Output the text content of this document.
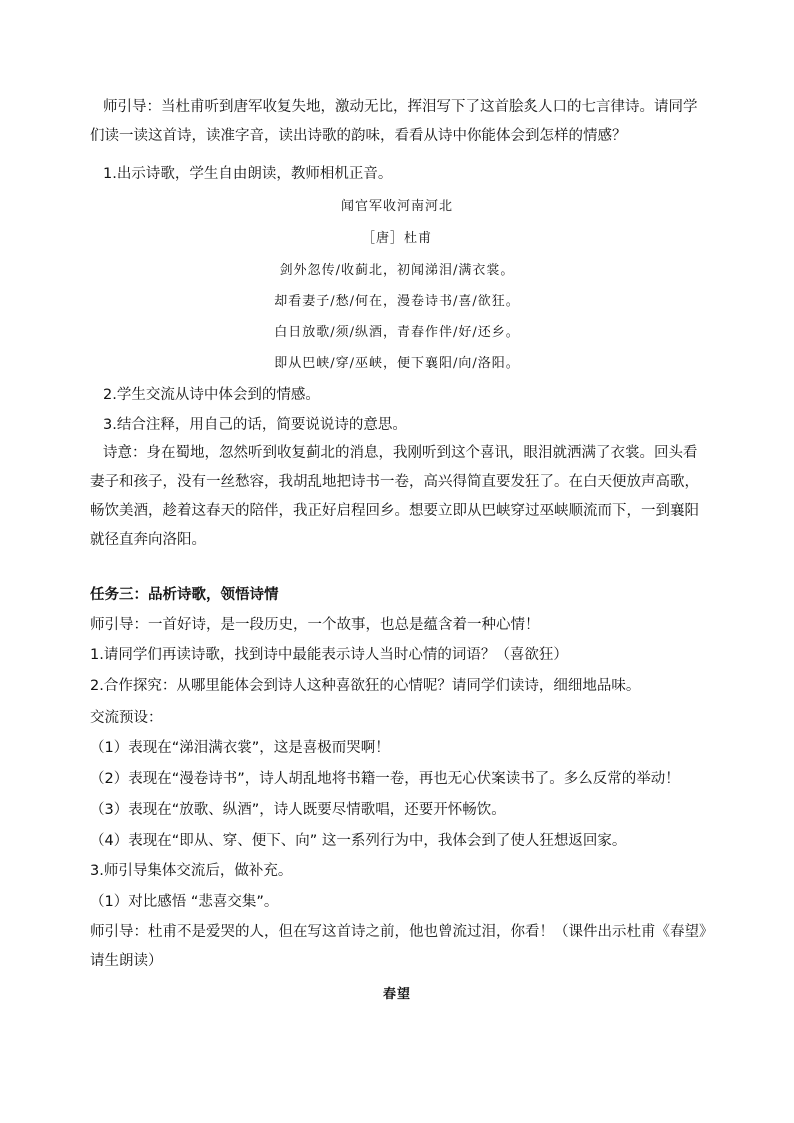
师引导：当杜甫听到唐军收复失地，激动无比，挥泪写下了这首脍炙人口的七言律诗。请同学们读一读这首诗，读准字音，读出诗歌的韵味，看看从诗中你能体会到怎样的情感？

1.出示诗歌，学生自由朗读，教师相机正音。

闻官军收河南河北

［唐］杜甫

剑外忽传/收蓟北，初闻涕泪/满衣裳。

却看妻子/愁/何在，漫卷诗书/喜/欲狂。

白日放歌/须/纵酒，青春作伴/好/还乡。

即从巴峡/穿/巫峡，便下襄阳/向/洛阳。

2.学生交流从诗中体会到的情感。

3.结合注释，用自己的话，简要说说诗的意思。

诗意：身在蜀地，忽然听到收复蓟北的消息，我刚听到这个喜讯，眼泪就洒满了衣裳。回头看妻子和孩子，没有一丝愁容，我胡乱地把诗书一卷，高兴得简直要发狂了。在白天便放声高歌，畅饮美酒，趁着这春天的陪伴，我正好启程回乡。想要立即从巴峡穿过巫峡顺流而下，一到襄阳就径直奔向洛阳。

任务三：品析诗歌，领悟诗情

师引导：一首好诗，是一段历史，一个故事，也总是蕴含着一种心情！

1.请同学们再读诗歌，找到诗中最能表示诗人当时心情的词语？（喜欲狂）

2.合作探究：从哪里能体会到诗人这种喜欲狂的心情呢？请同学们读诗，细细地品味。

交流预设：

（1）表现在“涕泪满衣裳”，这是喜极而哭啊！

（2）表现在“漫卷诗书”，诗人胡乱地将书籍一卷，再也无心伏案读书了。多么反常的举动！

（3）表现在“放歌、纵酒”，诗人既要尽情歌唱，还要开怀畅饮。

（4）表现在“即从、穿、便下、向” 这一系列行为中，我体会到了使人狂想返回家。

3.师引导集体交流后，做补充。

（1）对比感悟 “悲喜交集”。

师引导：杜甫不是爱哭的人，但在写这首诗之前，他也曾流过泪，你看！（课件出示杜甫《春望》请生朗读）

春望
